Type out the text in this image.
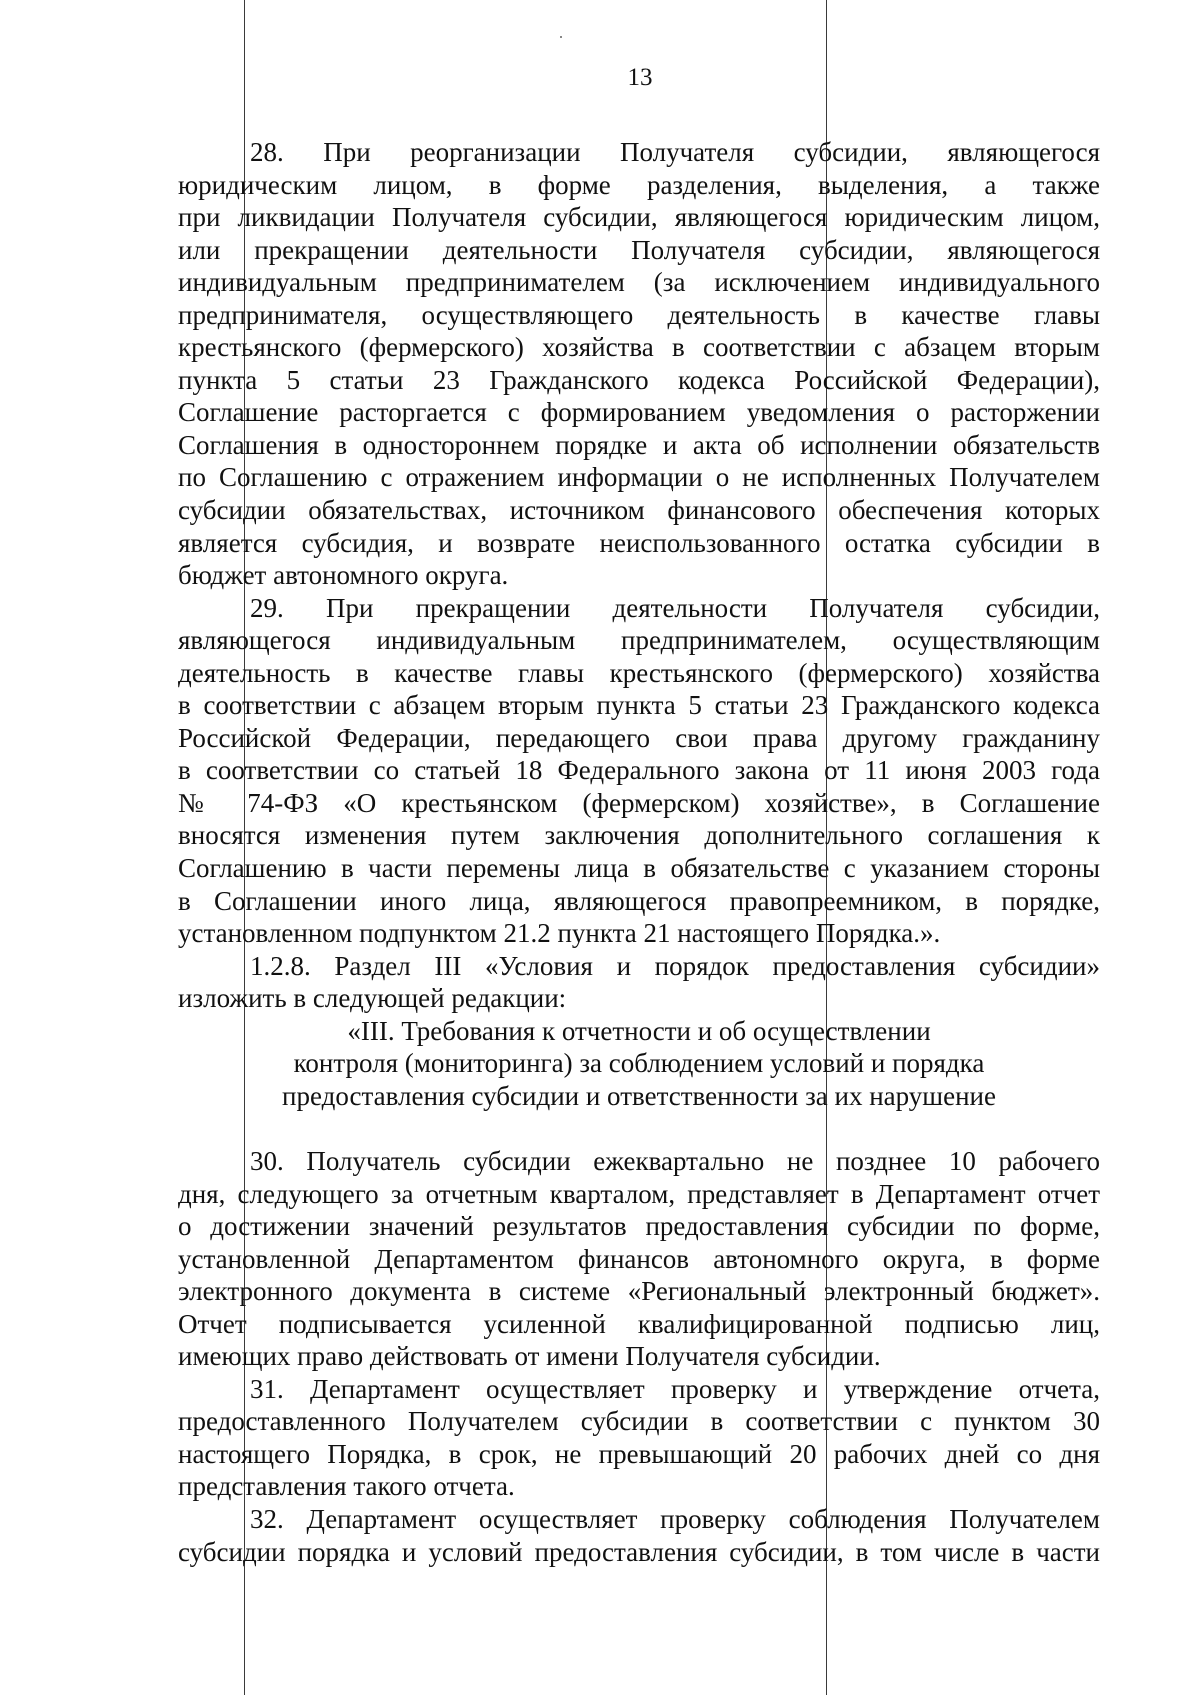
13
28. При реорганизации Получателя субсидии, являющегося
юридическим лицом, в форме разделения, выделения, а также
при ликвидации Получателя субсидии, являющегося юридическим лицом,
или прекращении деятельности Получателя субсидии, являющегося
индивидуальным предпринимателем (за исключением индивидуального
предпринимателя, осуществляющего деятельность в качестве главы
крестьянского (фермерского) хозяйства в соответствии с абзацем вторым
пункта 5 статьи 23 Гражданского кодекса Российской Федерации),
Соглашение расторгается с формированием уведомления о расторжении
Соглашения в одностороннем порядке и акта об исполнении обязательств
по Соглашению с отражением информации о не исполненных Получателем
субсидии обязательствах, источником финансового обеспечения которых
является субсидия, и возврате неиспользованного остатка субсидии в
бюджет автономного округа.
29. При прекращении деятельности Получателя субсидии,
являющегося индивидуальным предпринимателем, осуществляющим
деятельность в качестве главы крестьянского (фермерского) хозяйства
в соответствии с абзацем вторым пункта 5 статьи 23 Гражданского кодекса
Российской Федерации, передающего свои права другому гражданину
в соответствии со статьей 18 Федерального закона от 11 июня 2003 года
№ 74-ФЗ «О крестьянском (фермерском) хозяйстве», в Соглашение
вносятся изменения путем заключения дополнительного соглашения к
Соглашению в части перемены лица в обязательстве с указанием стороны
в Соглашении иного лица, являющегося правопреемником, в порядке,
установленном подпунктом 21.2 пункта 21 настоящего Порядка.».
1.2.8. Раздел III «Условия и порядок предоставления субсидии»
изложить в следующей редакции:
«III. Требования к отчетности и об осуществлении
контроля (мониторинга) за соблюдением условий и порядка
предоставления субсидии и ответственности за их нарушение
30. Получатель субсидии ежеквартально не позднее 10 рабочего
дня, следующего за отчетным кварталом, представляет в Департамент отчет
о достижении значений результатов предоставления субсидии по форме,
установленной Департаментом финансов автономного округа, в форме
электронного документа в системе «Региональный электронный бюджет».
Отчет подписывается усиленной квалифицированной подписью лиц,
имеющих право действовать от имени Получателя субсидии.
31. Департамент осуществляет проверку и утверждение отчета,
предоставленного Получателем субсидии в соответствии с пунктом 30
настоящего Порядка, в срок, не превышающий 20 рабочих дней со дня
представления такого отчета.
32. Департамент осуществляет проверку соблюдения Получателем
субсидии порядка и условий предоставления субсидии, в том числе в части
